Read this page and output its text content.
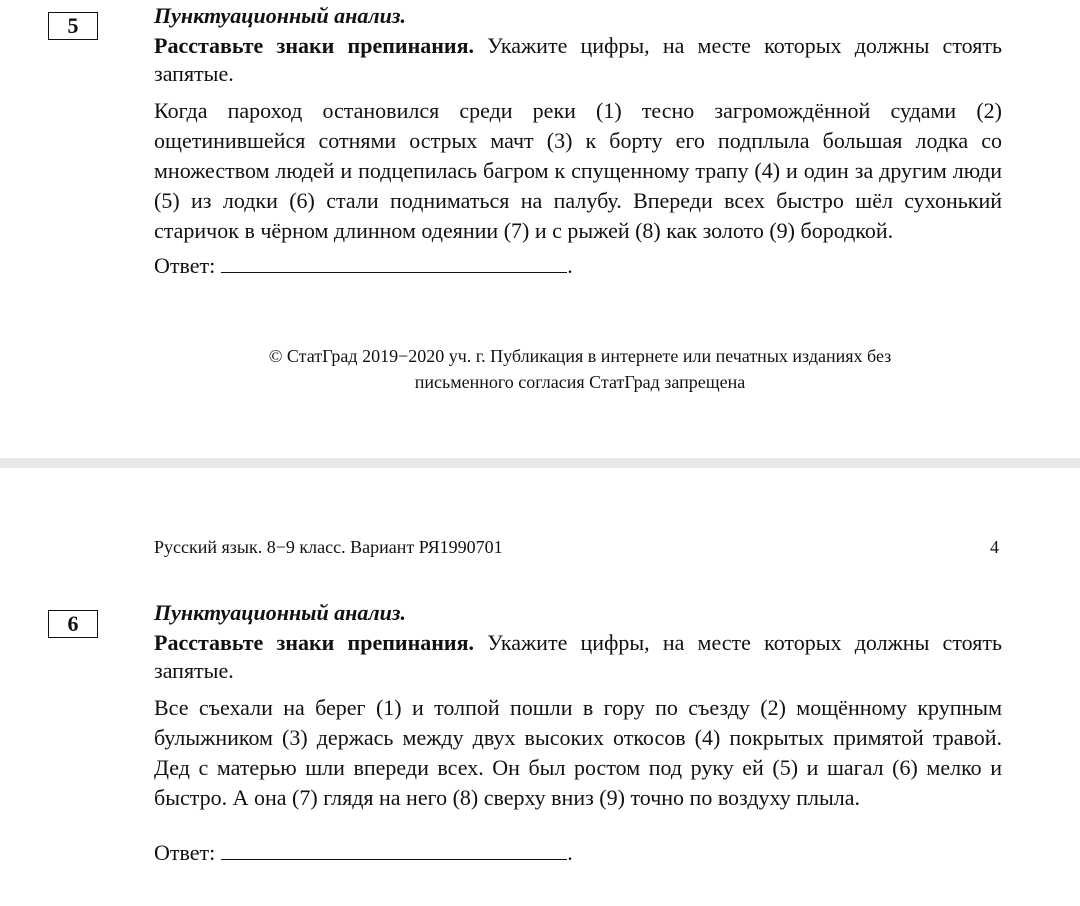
5	Пунктуационный анализ.

Расставьте знаки препинания. Укажите цифры, на месте которых должны стоять запятые.

Когда пароход остановился среди реки (1) тесно загромождённой судами (2) ощетинившейся сотнями острых мачт (3) к борту его подплыла большая лодка со множеством людей и подцепилась багром к спущенному трапу (4) и один за другим люди (5) из лодки (6) стали подниматься на палубу. Впереди всех быстро шёл сухонький старичок в чёрном длинном одеянии (7) и с рыжей (8) как золото (9) бородкой.

Ответ:	.

© СтатГрад 2019−2020 уч. г. Публикация в интернете или печатных изданиях без
письменного согласия СтатГрад запрещена
Русский язык. 8−9 класс. Вариант РЯ1990701	4
6	Пунктуационный анализ.

Расставьте знаки препинания. Укажите цифры, на месте которых должны стоять запятые.

Все съехали на берег (1) и толпой пошли в гору по съезду (2) мощённому крупным булыжником (3) держась между двух высоких откосов (4) покрытых примятой травой. Дед с матерью шли впереди всех. Он был ростом под руку ей (5) и шагал (6) мелко и быстро. А она (7) глядя на него (8) сверху вниз (9) точно по воздуху плыла.

Ответ:	.
